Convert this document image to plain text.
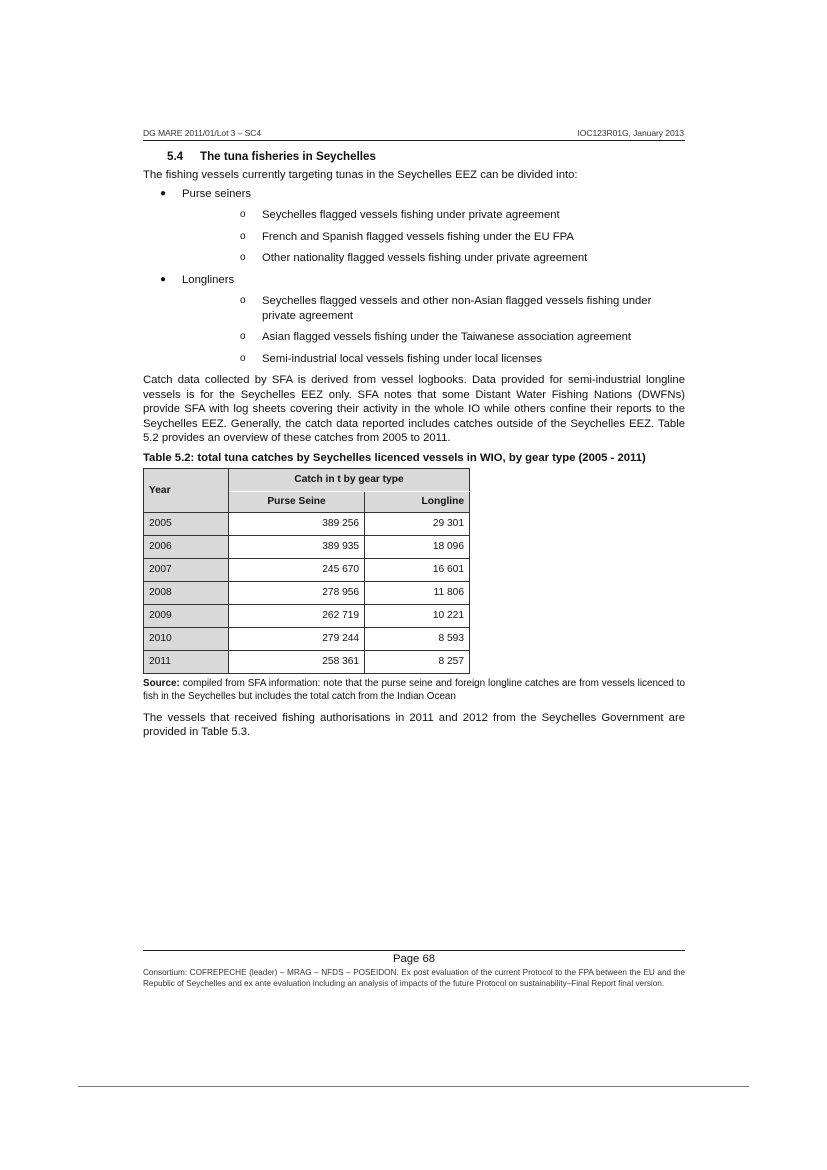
DG MARE 2011/01/Lot 3 – SC4	IOC123R01G, January 2013
5.4 The tuna fisheries in Seychelles

The fishing vessels currently targeting tunas in the Seychelles EEZ can be divided into:

● Purse seiners
o Seychelles flagged vessels fishing under private agreement
o French and Spanish flagged vessels fishing under the EU FPA
o Other nationality flagged vessels fishing under private agreement
● Longliners
o Seychelles flagged vessels and other non-Asian flagged vessels fishing under private agreement
o Asian flagged vessels fishing under the Taiwanese association agreement
o Semi-industrial local vessels fishing under local licenses

Catch data collected by SFA is derived from vessel logbooks. Data provided for semi-industrial longline vessels is for the Seychelles EEZ only. SFA notes that some Distant Water Fishing Nations (DWFNs) provide SFA with log sheets covering their activity in the whole IO while others confine their reports to the Seychelles EEZ. Generally, the catch data reported includes catches outside of the Seychelles EEZ. Table 5.2 provides an overview of these catches from 2005 to 2011.

Table 5.2: total tuna catches by Seychelles licenced vessels in WIO, by gear type (2005 - 2011)
Year	Catch in t by gear type	
	Purse Seine	Longline
2005	389 256	29 301
2006	389 935	18 096
2007	245 670	16 601
2008	278 956	11 806
2009	262 719	10 221
2010	279 244	8 593
2011	258 361	8 257
Source: compiled from SFA information: note that the purse seine and foreign longline catches are from vessels licenced to fish in the Seychelles but includes the total catch from the Indian Ocean

The vessels that received fishing authorisations in 2011 and 2012 from the Seychelles Government are provided in Table 5.3.

Page 68
Consortium: COFREPECHE (leader) – MRAG – NFDS – POSEIDON. Ex post evaluation of the current Protocol to the FPA between the EU and the Republic of Seychelles and ex ante evaluation including an analysis of impacts of the future Protocol on sustainability–Final Report final version.
